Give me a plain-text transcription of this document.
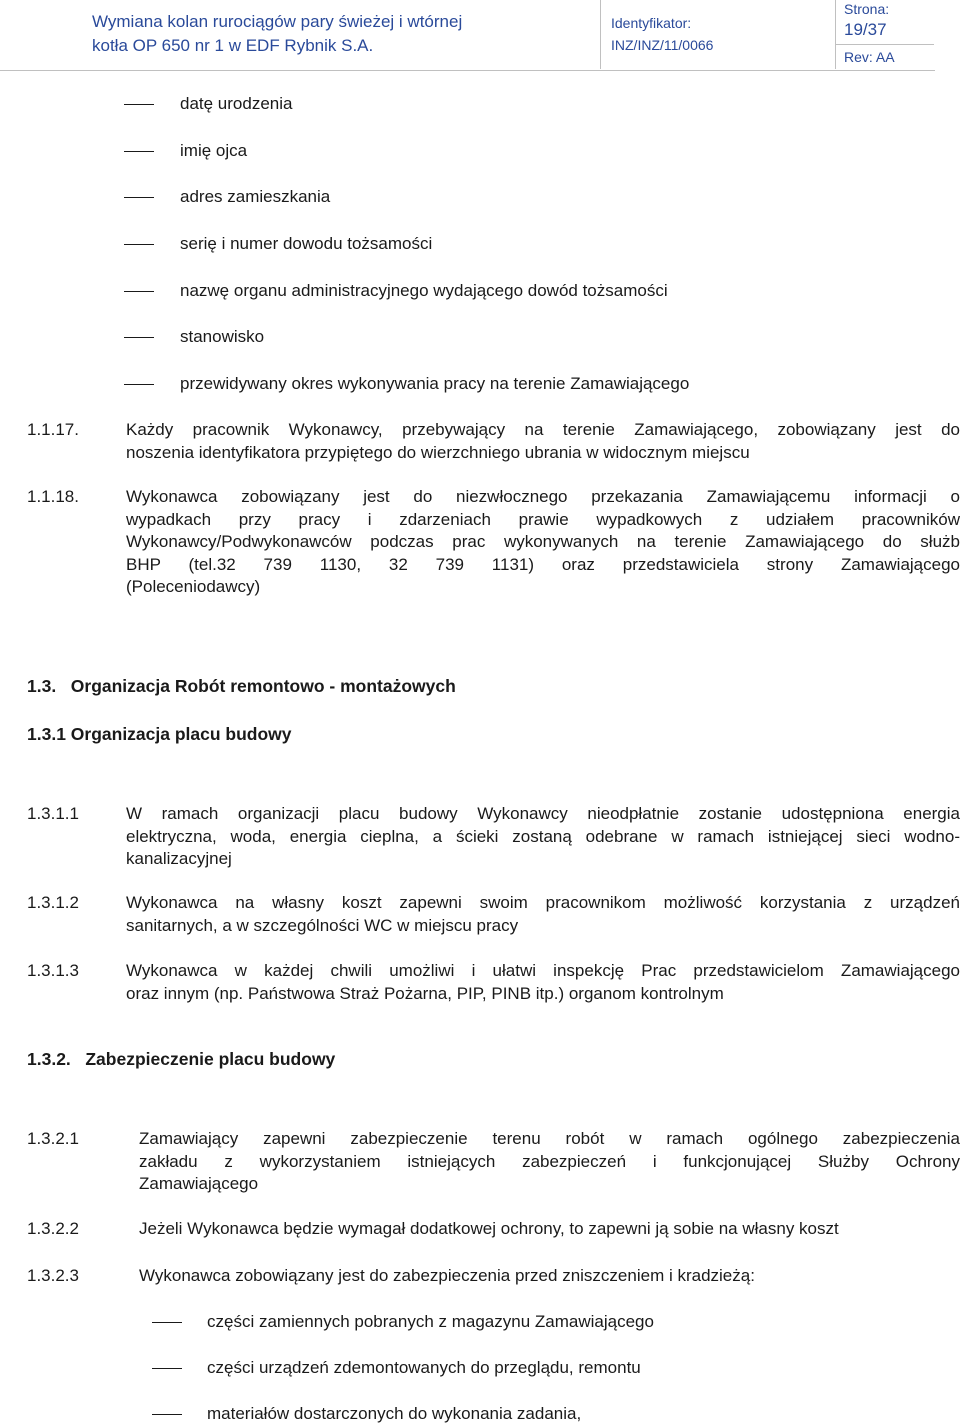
Wymiana kolan rurociągów pary świeżej i wtórnej
kotła OP 650 nr 1 w EDF Rybnik S.A.
Identyfikator:
INZ/INZ/11/0066
Strona:
19/37
Rev: AA
datę urodzenia
imię ojca
adres zamieszkania
serię i numer dowodu tożsamości
nazwę organu administracyjnego wydającego dowód tożsamości
stanowisko
przewidywany okres wykonywania pracy na terenie Zamawiającego
1.1.17.	Każdy pracownik Wykonawcy, przebywający na terenie Zamawiającego, zobowiązany jest do
noszenia identyfikatora przypiętego do wierzchniego ubrania w widocznym miejscu
1.1.18.	Wykonawca zobowiązany jest do niezwłocznego przekazania Zamawiającemu informacji o
wypadkach przy pracy i zdarzeniach prawie wypadkowych z udziałem pracowników
Wykonawcy/Podwykonawców podczas prac wykonywanych na terenie Zamawiającego do służb
BHP (tel.32 739 1130, 32 739 1131) oraz przedstawiciela strony Zamawiającego
(Poleceniodawcy)
1.3.   Organizacja Robót remontowo - montażowych
1.3.1 Organizacja placu budowy
1.3.1.1	W ramach organizacji placu budowy Wykonawcy nieodpłatnie zostanie udostępniona energia
elektryczna, woda, energia cieplna, a ścieki zostaną odebrane w ramach istniejącej sieci wodno-
kanalizacyjnej
1.3.1.2	Wykonawca na własny koszt zapewni swoim pracownikom możliwość korzystania z urządzeń
sanitarnych, a w szczególności WC w miejscu pracy
1.3.1.3	Wykonawca w każdej chwili umożliwi i ułatwi inspekcję Prac przedstawicielom Zamawiającego
oraz innym (np. Państwowa Straż Pożarna, PIP, PINB itp.) organom kontrolnym
1.3.2.   Zabezpieczenie placu budowy
1.3.2.1	Zamawiający zapewni zabezpieczenie terenu robót w ramach ogólnego zabezpieczenia
zakładu z wykorzystaniem istniejących zabezpieczeń i funkcjonującej Służby Ochrony
Zamawiającego
1.3.2.2	Jeżeli Wykonawca będzie wymagał dodatkowej ochrony, to zapewni ją sobie na własny koszt
1.3.2.3	Wykonawca zobowiązany jest do zabezpieczenia przed zniszczeniem i kradzieżą:
części zamiennych pobranych z magazynu Zamawiającego
części urządzeń zdemontowanych do przeglądu, remontu
materiałów dostarczonych do wykonania zadania,
